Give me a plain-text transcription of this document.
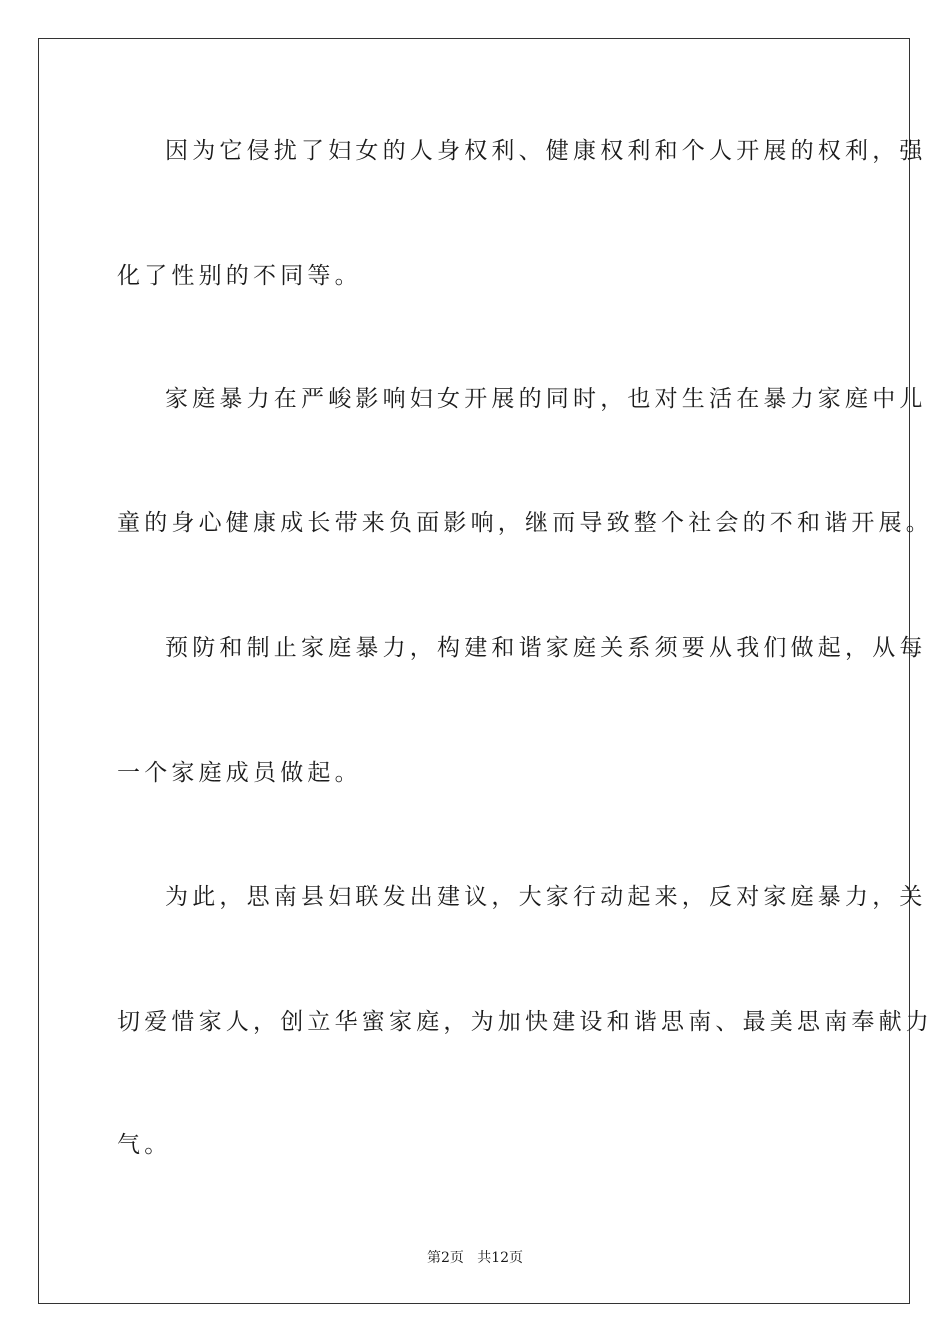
因为它侵扰了妇女的人身权利、健康权利和个人开展的权利，强
化了性别的不同等。
家庭暴力在严峻影响妇女开展的同时，也对生活在暴力家庭中儿
童的身心健康成长带来负面影响，继而导致整个社会的不和谐开展。
预防和制止家庭暴力，构建和谐家庭关系须要从我们做起，从每
一个家庭成员做起。
为此，思南县妇联发出建议，大家行动起来，反对家庭暴力，关
切爱惜家人，创立华蜜家庭，为加快建设和谐思南、最美思南奉献力
气。
第2页   共12页
